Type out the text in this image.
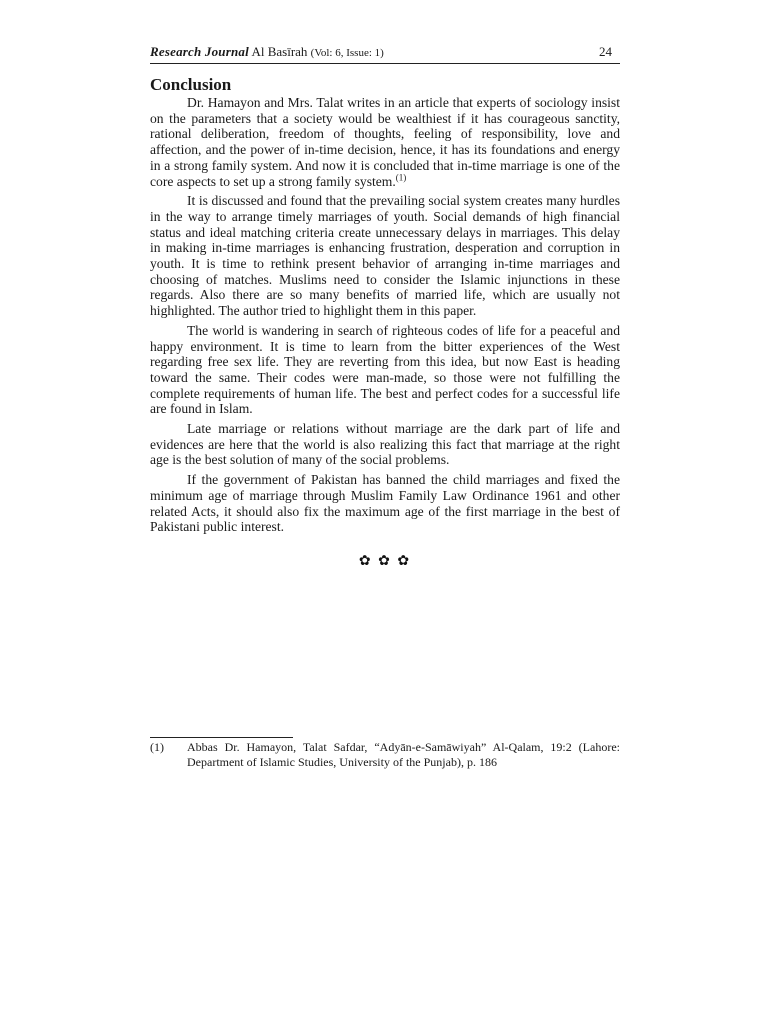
Research Journal Al Basīrah (Vol: 6, Issue: 1)	24
Conclusion

Dr. Hamayon and Mrs. Talat writes in an article that experts of sociology insist on the parameters that a society would be wealthiest if it has courageous sanctity, rational deliberation, freedom of thoughts, feeling of responsibility, love and affection, and the power of in-time decision, hence, it has its foundations and energy in a strong family system. And now it is concluded that in-time marriage is one of the core aspects to set up a strong family system.$^{(1)}$

It is discussed and found that the prevailing social system creates many hurdles in the way to arrange timely marriages of youth. Social demands of high financial status and ideal matching criteria create unnecessary delays in marriages. This delay in making in-time marriages is enhancing frustration, desperation and corruption in youth. It is time to rethink present behavior of arranging in-time marriages and choosing of matches. Muslims need to consider the Islamic injunctions in these regards. Also there are so many benefits of married life, which are usually not highlighted. The author tried to highlight them in this paper.

The world is wandering in search of righteous codes of life for a peaceful and happy environment. It is time to learn from the bitter experiences of the West regarding free sex life. They are reverting from this idea, but now East is heading toward the same. Their codes were man-made, so those were not fulfilling the complete requirements of human life. The best and perfect codes for a successful life are found in Islam.

Late marriage or relations without marriage are the dark part of life and evidences are here that the world is also realizing this fact that marriage at the right age is the best solution of many of the social problems.

If the government of Pakistan has banned the child marriages and fixed the minimum age of marriage through Muslim Family Law Ordinance 1961 and other related Acts, it should also fix the maximum age of the first marriage in the best of Pakistani public interest.

✿ ✿ ✿
(1)	Abbas Dr. Hamayon, Talat Safdar, “Adyān-e-Samāwiyah” Al-Qalam, 19:2 (Lahore: Department of Islamic Studies, University of the Punjab), p. 186
